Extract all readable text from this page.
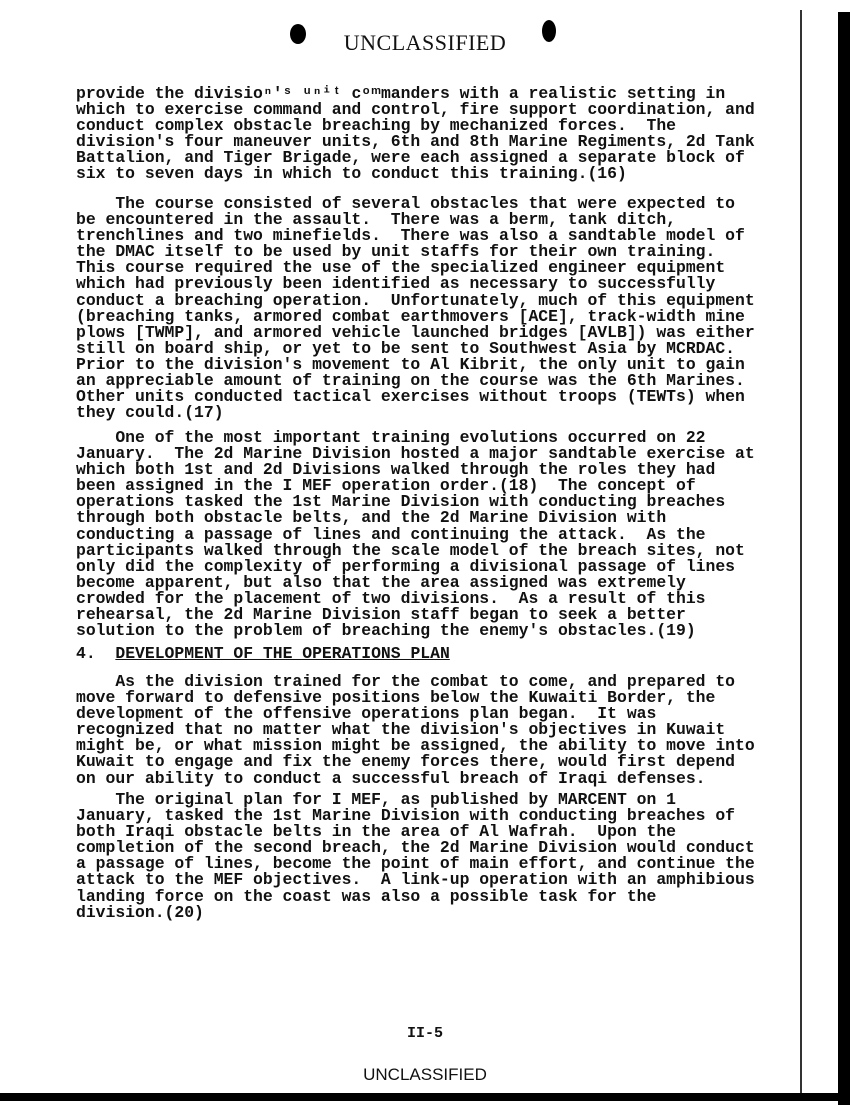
UNCLASSIFIED
provide the divisioⁿ'ˢ ᵘⁿⁱᵗ cᵒᵐmanders with a realistic setting in
which to exercise command and control, fire support coordination, and
conduct complex obstacle breaching by mechanized forces.  The
division's four maneuver units, 6th and 8th Marine Regiments, 2d Tank
Battalion, and Tiger Brigade, were each assigned a separate block of
six to seven days in which to conduct this training.(16)
The course consisted of several obstacles that were expected to
be encountered in the assault.  There was a berm, tank ditch,
trenchlines and two minefields.  There was also a sandtable model of
the DMAC itself to be used by unit staffs for their own training.
This course required the use of the specialized engineer equipment
which had previously been identified as necessary to successfully
conduct a breaching operation.  Unfortunately, much of this equipment
(breaching tanks, armored combat earthmovers [ACE], track-width mine
plows [TWMP], and armored vehicle launched bridges [AVLB]) was either
still on board ship, or yet to be sent to Southwest Asia by MCRDAC.
Prior to the division's movement to Al Kibrit, the only unit to gain
an appreciable amount of training on the course was the 6th Marines.
Other units conducted tactical exercises without troops (TEWTs) when
they could.(17)
One of the most important training evolutions occurred on 22
January.  The 2d Marine Division hosted a major sandtable exercise at
which both 1st and 2d Divisions walked through the roles they had
been assigned in the I MEF operation order.(18)  The concept of
operations tasked the 1st Marine Division with conducting breaches
through both obstacle belts, and the 2d Marine Division with
conducting a passage of lines and continuing the attack.  As the
participants walked through the scale model of the breach sites, not
only did the complexity of performing a divisional passage of lines
become apparent, but also that the area assigned was extremely
crowded for the placement of two divisions.  As a result of this
rehearsal, the 2d Marine Division staff began to seek a better
solution to the problem of breaching the enemy's obstacles.(19)
4.  DEVELOPMENT OF THE OPERATIONS PLAN
As the division trained for the combat to come, and prepared to
move forward to defensive positions below the Kuwaiti Border, the
development of the offensive operations plan began.  It was
recognized that no matter what the division's objectives in Kuwait
might be, or what mission might be assigned, the ability to move into
Kuwait to engage and fix the enemy forces there, would first depend
on our ability to conduct a successful breach of Iraqi defenses.
The original plan for I MEF, as published by MARCENT on 1
January, tasked the 1st Marine Division with conducting breaches of
both Iraqi obstacle belts in the area of Al Wafrah.  Upon the
completion of the second breach, the 2d Marine Division would conduct
a passage of lines, become the point of main effort, and continue the
attack to the MEF objectives.  A link-up operation with an amphibious
landing force on the coast was also a possible task for the
division.(20)
II-5
UNCLASSIFIED
